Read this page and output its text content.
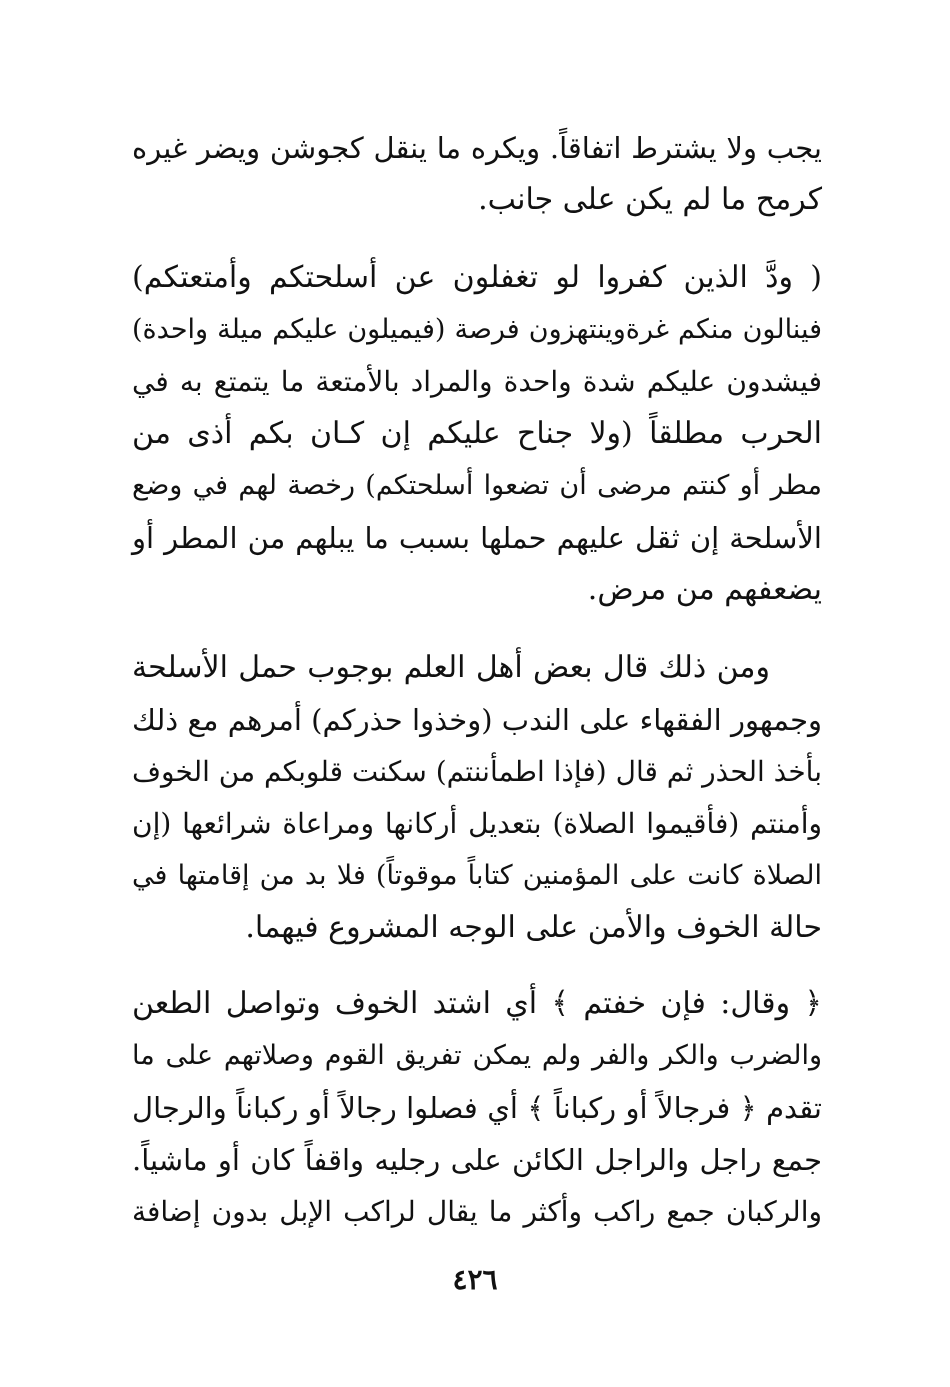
يجب ولا يشترط اتفاقاً. ويكره ما ينقل كجوشن ويضر غيره
كرمح ما لم يكن على جانب.
( ودَّ الذين كفروا لو تغفلون عن أسلحتكم وأمتعتكم)
فينالون منكم غرةوينتهزون فرصة (فيميلون عليكم ميلة واحدة)
فيشدون عليكم شدة واحدة والمراد بالأمتعة ما يتمتع به في
الحرب مطلقاً (ولا جناح عليكم إن كـان بكم أذى من
مطر أو كنتم مرضى أن تضعوا أسلحتكم) رخصة لهم في وضع
الأسلحة إن ثقل عليهم حملها بسبب ما يبلهم من المطر أو
يضعفهم من مرض.
ومن ذلك قال بعض أهل العلم بوجوب حمل الأسلحة
وجمهور الفقهاء على الندب (وخذوا حذركم) أمرهم مع ذلك
بأخذ الحذر ثم قال (فإذا اطمأننتم) سكنت قلوبكم من الخوف
وأمنتم (فأقيموا الصلاة) بتعديل أركانها ومراعاة شرائعها (إن
الصلاة كانت على المؤمنين كتاباً موقوتاً) فلا بد من إقامتها في
حالة الخوف والأمن على الوجه المشروع فيهما.
﴿ وقال: فإن خفتم ﴾ أي اشتد الخوف وتواصل الطعن
والضرب والكر والفر ولم يمكن تفريق القوم وصلاتهم على ما
تقدم ﴿ فرجالاً أو ركباناً ﴾ أي فصلوا رجالاً أو ركباناً والرجال
جمع راجل والراجل الكائن على رجليه واقفاً كان أو ماشياً.
والركبان جمع راكب وأكثر ما يقال لراكب الإبل بدون إضافة
٤٢٦
